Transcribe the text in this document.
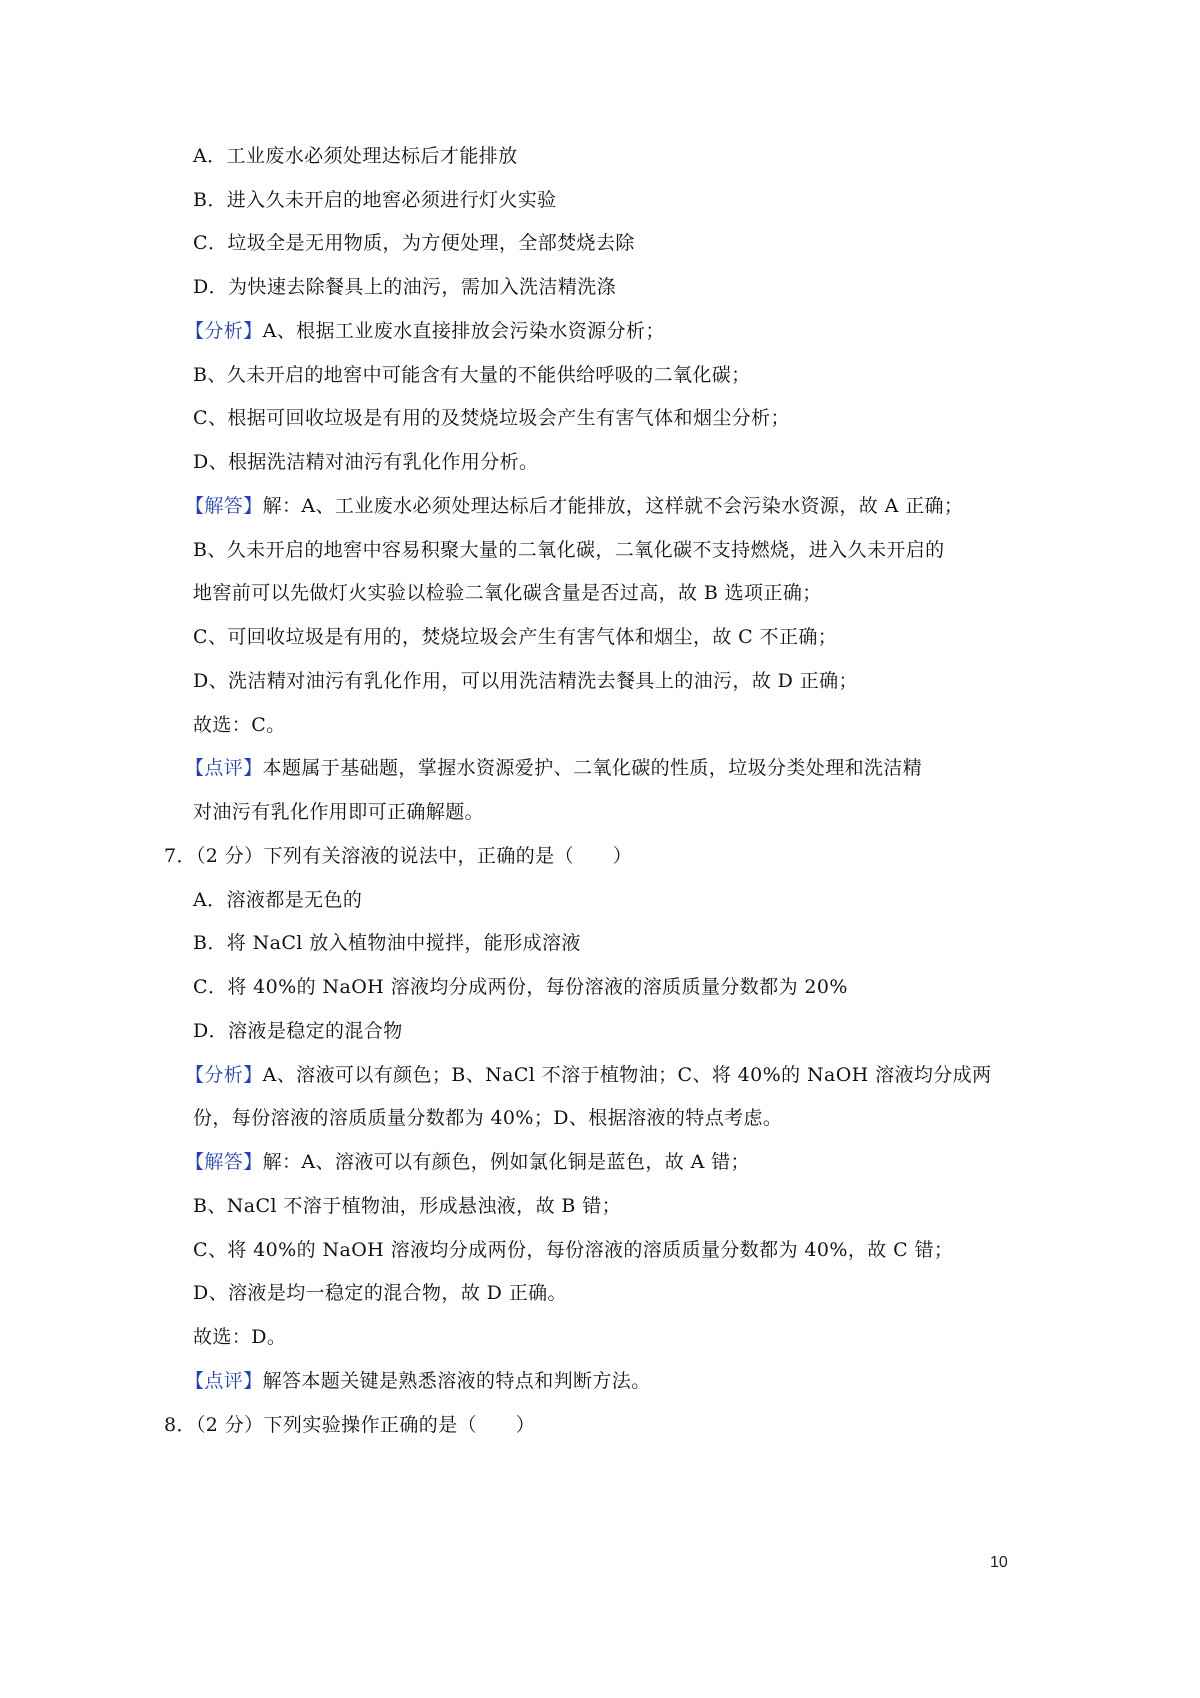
A．工业废水必须处理达标后才能排放
B．进入久未开启的地窖必须进行灯火实验
C．垃圾全是无用物质，为方便处理，全部焚烧去除
D．为快速去除餐具上的油污，需加入洗洁精洗涤
【分析】A、根据工业废水直接排放会污染水资源分析；
B、久未开启的地窖中可能含有大量的不能供给呼吸的二氧化碳；
C、根据可回收垃圾是有用的及焚烧垃圾会产生有害气体和烟尘分析；
D、根据洗洁精对油污有乳化作用分析。
【解答】解：A、工业废水必须处理达标后才能排放，这样就不会污染水资源，故 A 正确；
B、久未开启的地窖中容易积聚大量的二氧化碳，二氧化碳不支持燃烧，进入久未开启的
地窖前可以先做灯火实验以检验二氧化碳含量是否过高，故 B 选项正确；
C、可回收垃圾是有用的，焚烧垃圾会产生有害气体和烟尘，故 C 不正确；
D、洗洁精对油污有乳化作用，可以用洗洁精洗去餐具上的油污，故 D 正确；
故选：C。
【点评】本题属于基础题，掌握水资源爱护、二氧化碳的性质，垃圾分类处理和洗洁精
对油污有乳化作用即可正确解题。
7．（2 分）下列有关溶液的说法中，正确的是（　　）
A．溶液都是无色的
B．将 NaCl 放入植物油中搅拌，能形成溶液
C．将 40%的 NaOH 溶液均分成两份，每份溶液的溶质质量分数都为 20%
D．溶液是稳定的混合物
【分析】A、溶液可以有颜色；B、NaCl 不溶于植物油；C、将 40%的 NaOH 溶液均分成两
份，每份溶液的溶质质量分数都为 40%；D、根据溶液的特点考虑。
【解答】解：A、溶液可以有颜色，例如氯化铜是蓝色，故 A 错；
B、NaCl 不溶于植物油，形成悬浊液，故 B 错；
C、将 40%的 NaOH 溶液均分成两份，每份溶液的溶质质量分数都为 40%，故 C 错；
D、溶液是均一稳定的混合物，故 D 正确。
故选：D。
【点评】解答本题关键是熟悉溶液的特点和判断方法。
8．（2 分）下列实验操作正确的是（　　）
10
